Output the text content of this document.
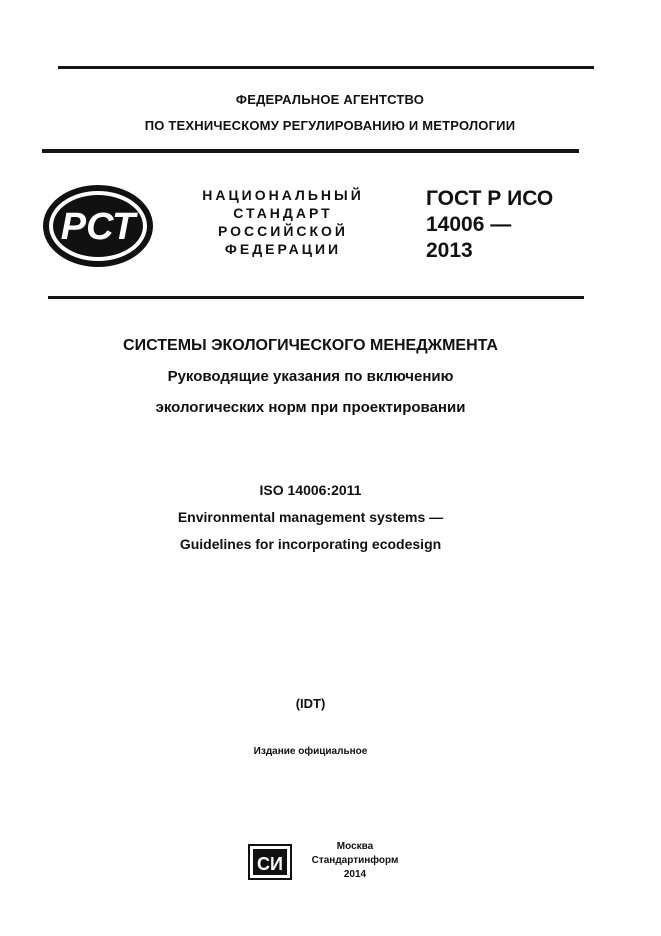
ФЕДЕРАЛЬНОЕ АГЕНТСТВО
ПО ТЕХНИЧЕСКОМУ РЕГУЛИРОВАНИЮ И МЕТРОЛОГИИ
РСТ
НАЦИОНАЛЬНЫЙ
СТАНДАРТ
РОССИЙСКОЙ
ФЕДЕРАЦИИ
ГОСТ Р ИСО
14006 —
2013
СИСТЕМЫ ЭКОЛОГИЧЕСКОГО МЕНЕДЖМЕНТА
Руководящие указания по включению
экологических норм при проектировании
ISO 14006:2011
Environmental management systems —
Guidelines for incorporating ecodesign
(IDT)
Издание официальное
СИ
Москва
Стандартинформ
2014
